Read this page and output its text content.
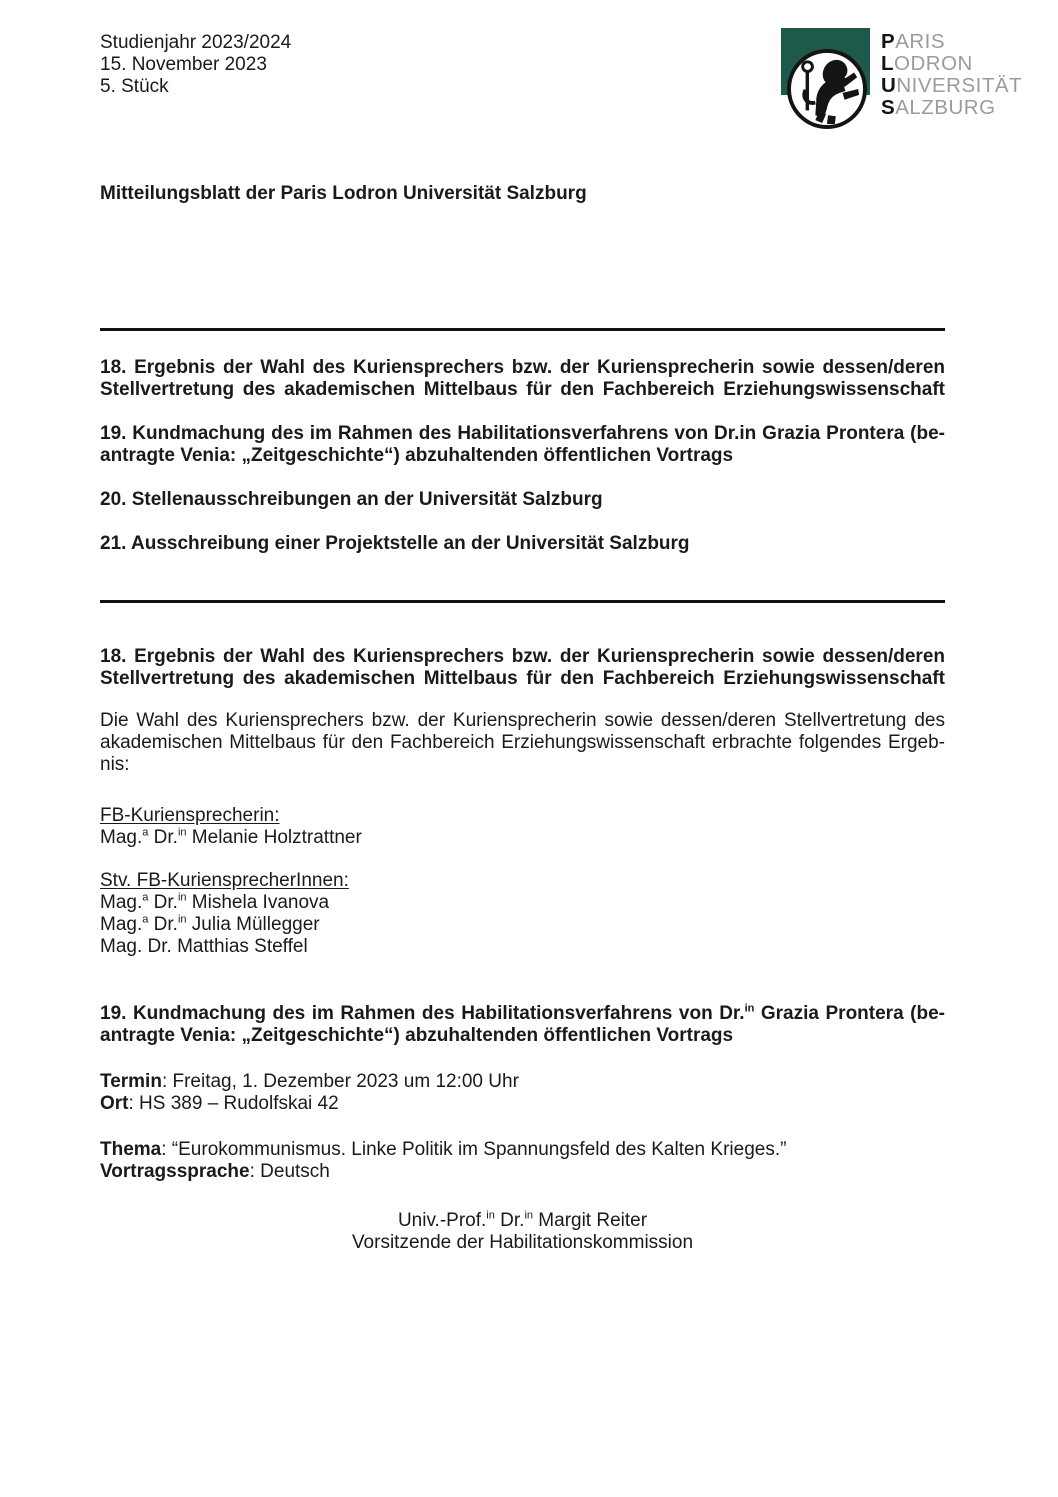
Studienjahr 2023/2024
15. November 2023
5. Stück
PARIS
LODRON
UNIVERSITÄT
SALZBURG
Mitteilungsblatt der Paris Lodron Universität Salzburg
18. Ergebnis der Wahl des Kuriensprechers bzw. der Kuriensprecherin sowie dessen/deren
Stellvertretung des akademischen Mittelbaus für den Fachbereich Erziehungswissenschaft
19. Kundmachung des im Rahmen des Habilitationsverfahrens von Dr.in Grazia Prontera (be-
antragte Venia: „Zeitgeschichte“) abzuhaltenden öffentlichen Vortrags
20. Stellenausschreibungen an der Universität Salzburg
21. Ausschreibung einer Projektstelle an der Universität Salzburg
18. Ergebnis der Wahl des Kuriensprechers bzw. der Kuriensprecherin sowie dessen/deren
Stellvertretung des akademischen Mittelbaus für den Fachbereich Erziehungswissenschaft
Die Wahl des Kuriensprechers bzw. der Kuriensprecherin sowie dessen/deren Stellvertretung des
akademischen Mittelbaus für den Fachbereich Erziehungswissenschaft erbrachte folgendes Ergeb-
nis:
FB-Kuriensprecherin:
Mag.$^a$ Dr.$^{in}$ Melanie Holztrattner
Stv. FB-KuriensprecherInnen:
Mag.$^a$ Dr.$^{in}$ Mishela Ivanova
Mag.$^a$ Dr.$^{in}$ Julia Müllegger
Mag. Dr. Matthias Steffel
19. Kundmachung des im Rahmen des Habilitationsverfahrens von Dr.$^{in}$ Grazia Prontera (be-
antragte Venia: „Zeitgeschichte“) abzuhaltenden öffentlichen Vortrags
Termin: Freitag, 1. Dezember 2023 um 12:00 Uhr
Ort: HS 389 – Rudolfskai 42
Thema: “Eurokommunismus. Linke Politik im Spannungsfeld des Kalten Krieges.”
Vortragssprache: Deutsch
Univ.-Prof.$^{in}$ Dr.$^{in}$ Margit Reiter
Vorsitzende der Habilitationskommission
